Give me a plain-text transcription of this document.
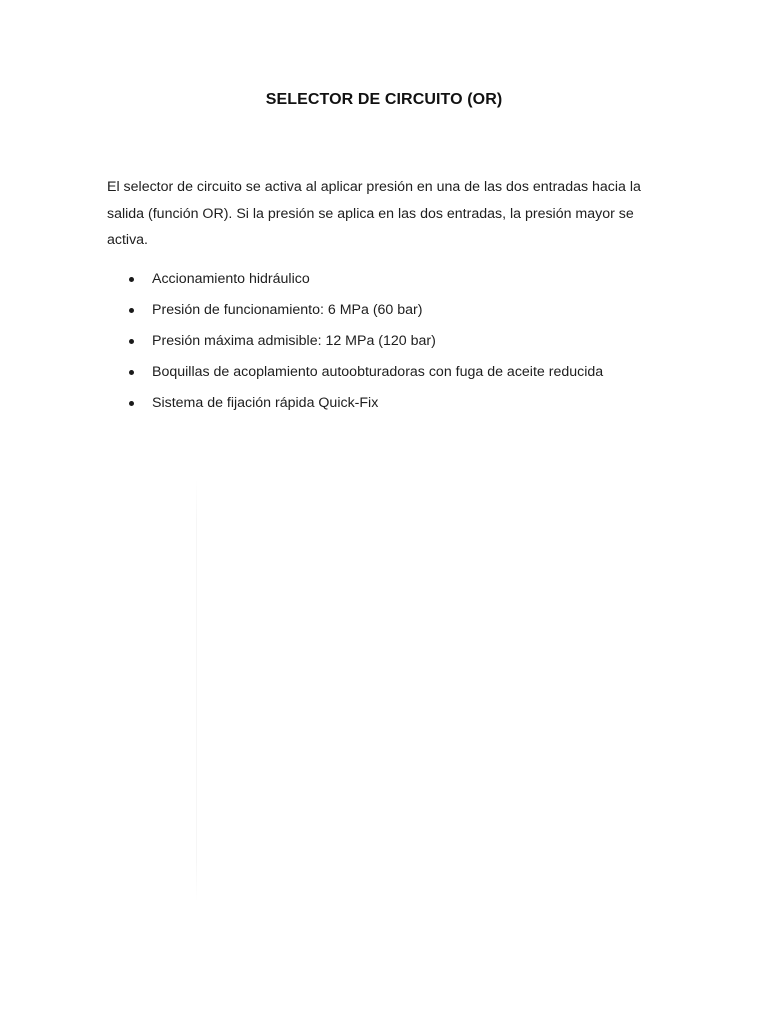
SELECTOR DE CIRCUITO (OR)

El selector de circuito se activa al aplicar presión en una de las dos entradas hacia la salida (función OR). Si la presión se aplica en las dos entradas, la presión mayor se activa.

Accionamiento hidráulico
Presión de funcionamiento: 6 MPa (60 bar)
Presión máxima admisible: 12 MPa (120 bar)
Boquillas de acoplamiento autoobturadoras con fuga de aceite reducida
Sistema de fijación rápida Quick-Fix
